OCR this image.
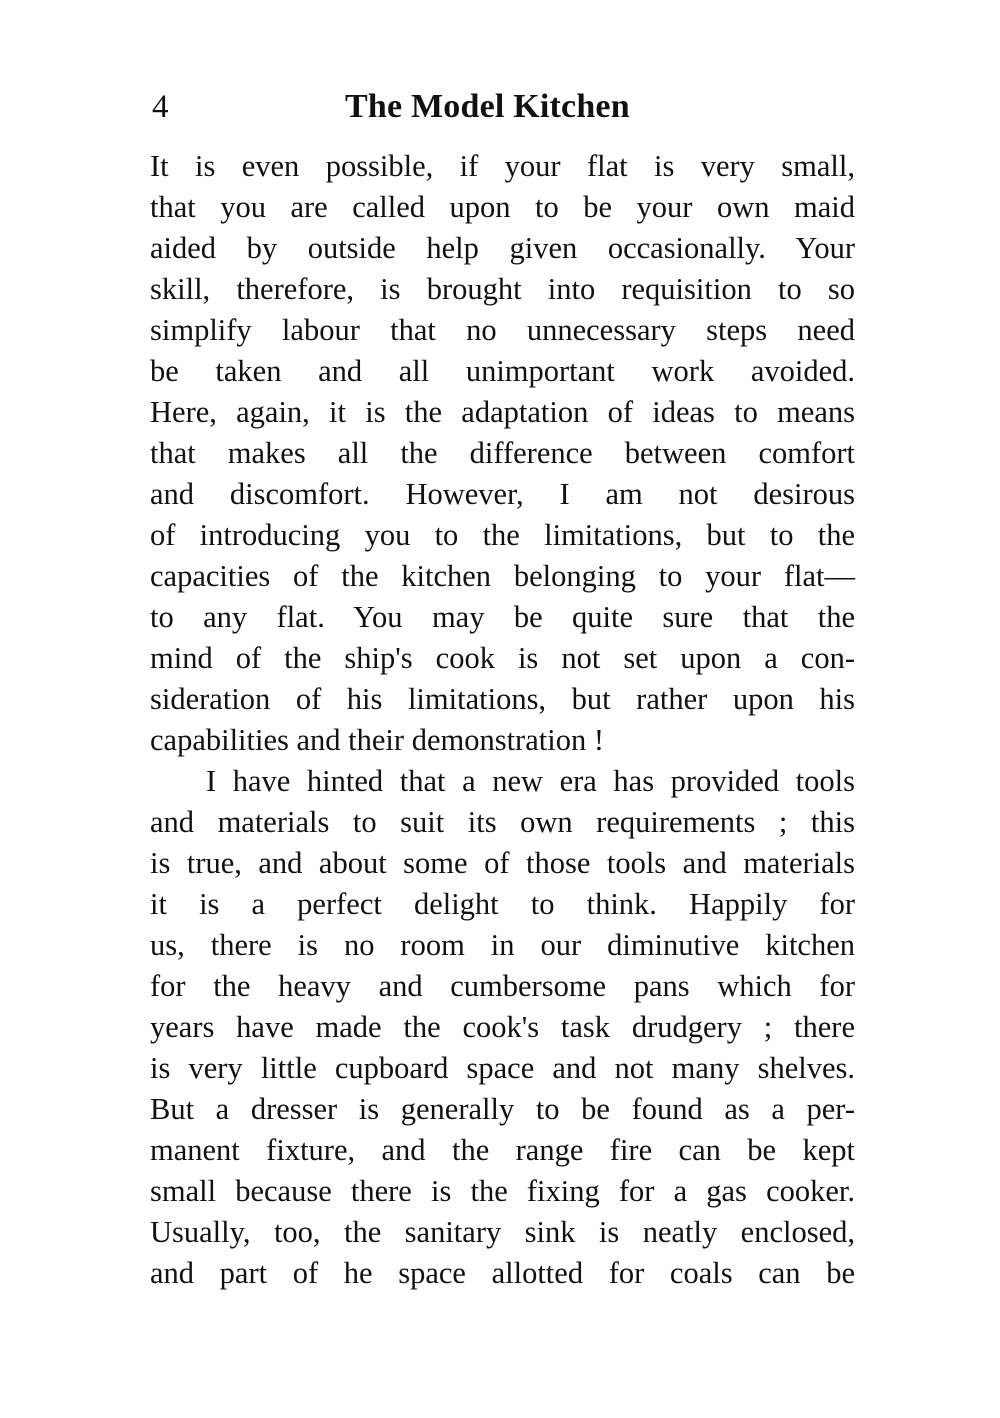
4	The Model Kitchen
It is even possible, if your flat is very small,
that you are called upon to be your own maid
aided by outside help given occasionally. Your
skill, therefore, is brought into requisition to so
simplify labour that no unnecessary steps need
be taken and all unimportant work avoided.
Here, again, it is the adaptation of ideas to means
that makes all the difference between comfort
and discomfort. However, I am not desirous
of introducing you to the limitations, but to the
capacities of the kitchen belonging to your flat—
to any flat. You may be quite sure that the
mind of the ship's cook is not set upon a con-
sideration of his limitations, but rather upon his
capabilities and their demonstration !
I have hinted that a new era has provided tools
and materials to suit its own requirements ; this
is true, and about some of those tools and materials
it is a perfect delight to think. Happily for
us, there is no room in our diminutive kitchen
for the heavy and cumbersome pans which for
years have made the cook's task drudgery ; there
is very little cupboard space and not many shelves.
But a dresser is generally to be found as a per-
manent fixture, and the range fire can be kept
small because there is the fixing for a gas cooker.
Usually, too, the sanitary sink is neatly enclosed,
and part of he space allotted for coals can be
